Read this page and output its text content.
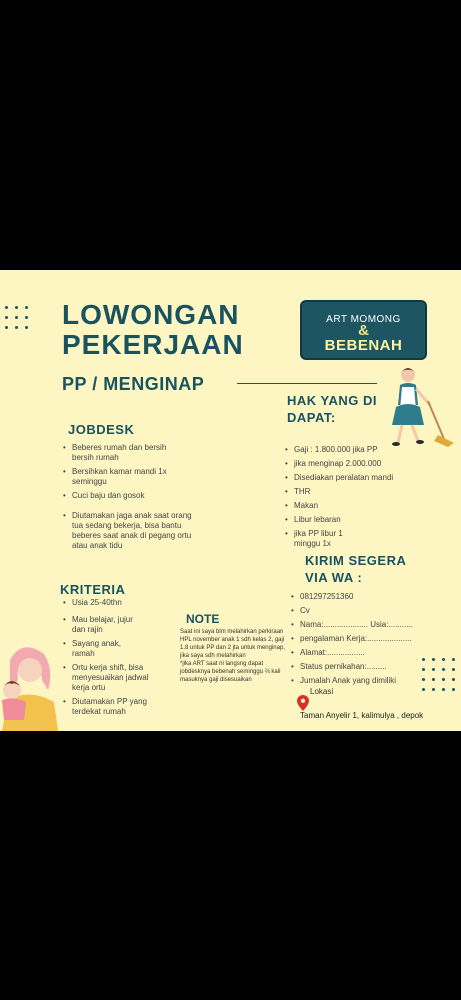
LOWONGAN
PEKERJAAN
PP / MENGINAP
ART MOMONG
&
BEBENAH
HAK YANG DI DAPAT:
• Gaji : 1.800.000 jika PP
• jika menginap 2.000.000
• Disediakan peralatan mandi
• THR
• Makan
• Libur lebaran
• jika PP libur 1 minggu 1x
KIRIM SEGERA VIA WA :
• 081297251360
• Cv
• Nama:.................... Usia:...........
• pengalaman Kerja:....................
• Alamat:.................
• Status pernikahan:.........
• Jumalah Anak yang dimiliki
JOBDESK
• Beberes rumah dan bersih bersih rumah
• Bersihkan kamar mandi 1x seminggu
• Cuci baju dan gosok
• Diutamakan jaga anak saat orang tua sedang bekerja, bisa bantu beberes saat anak di pegang ortu atau anak tidu
KRITERIA
• Usia 25-40thn
• Mau belajar, jujur dan rajin
• Sayang anak, ramah
• Ortu kerja shift, bisa menyesuaikan jadwal kerja ortu
• Diutamakan PP yang terdekat rumah
NOTE

Saat ini saya blm melahirkan perkiraan HPL november anak 1 sdh kelas 2, gaji 1.8 untuk PP dan 2 jta untuk menginap, jika saya sdh melahirkan

*jika ART saat ni langsng dapat jobdesknya bebenah seminggu ⅔ kali masuknya gaji disesuaikan

Lokasi
Taman Anyelir 1, kalimulya , depok
